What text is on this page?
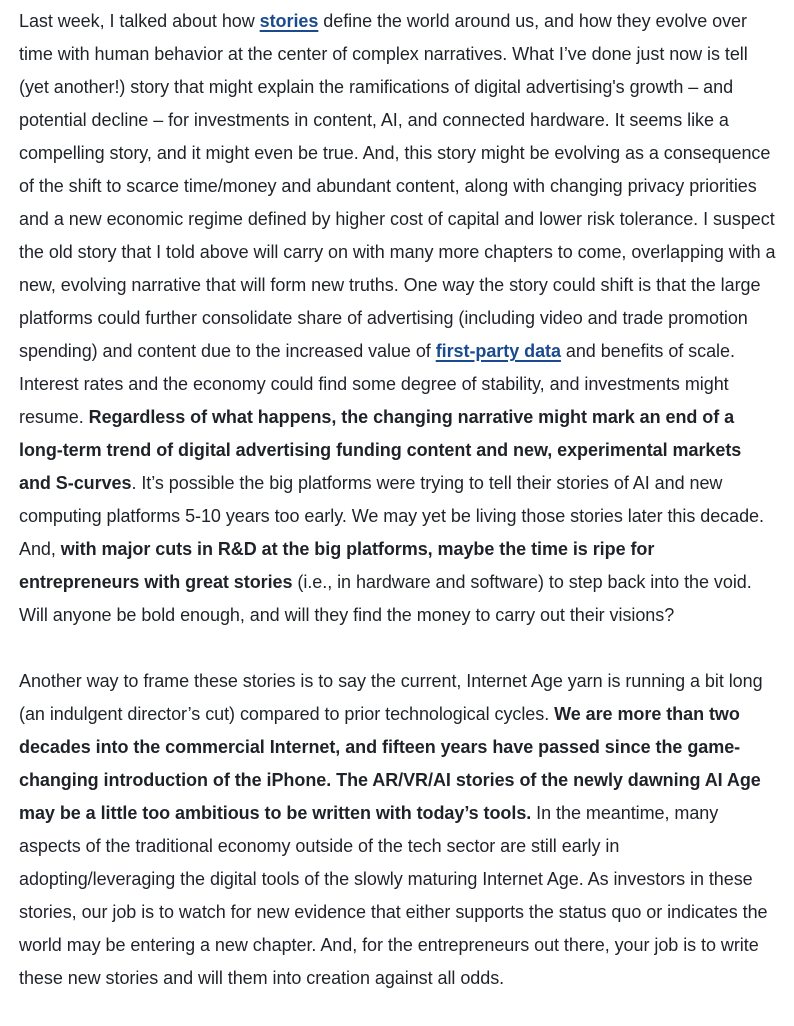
Last week, I talked about how stories define the world around us, and how they evolve over time with human behavior at the center of complex narratives. What I’ve done just now is tell (yet another!) story that might explain the ramifications of digital advertising's growth – and potential decline – for investments in content, AI, and connected hardware. It seems like a compelling story, and it might even be true. And, this story might be evolving as a consequence of the shift to scarce time/money and abundant content, along with changing privacy priorities and a new economic regime defined by higher cost of capital and lower risk tolerance. I suspect the old story that I told above will carry on with many more chapters to come, overlapping with a new, evolving narrative that will form new truths. One way the story could shift is that the large platforms could further consolidate share of advertising (including video and trade promotion spending) and content due to the increased value of first-party data and benefits of scale. Interest rates and the economy could find some degree of stability, and investments might resume. Regardless of what happens, the changing narrative might mark an end of a long-term trend of digital advertising funding content and new, experimental markets and S-curves. It’s possible the big platforms were trying to tell their stories of AI and new computing platforms 5-10 years too early. We may yet be living those stories later this decade. And, with major cuts in R&D at the big platforms, maybe the time is ripe for entrepreneurs with great stories (i.e., in hardware and software) to step back into the void. Will anyone be bold enough, and will they find the money to carry out their visions?

Another way to frame these stories is to say the current, Internet Age yarn is running a bit long (an indulgent director’s cut) compared to prior technological cycles. We are more than two decades into the commercial Internet, and fifteen years have passed since the game-changing introduction of the iPhone. The AR/VR/AI stories of the newly dawning AI Age may be a little too ambitious to be written with today’s tools. In the meantime, many aspects of the traditional economy outside of the tech sector are still early in adopting/leveraging the digital tools of the slowly maturing Internet Age. As investors in these stories, our job is to watch for new evidence that either supports the status quo or indicates the world may be entering a new chapter. And, for the entrepreneurs out there, your job is to write these new stories and will them into creation against all odds.
